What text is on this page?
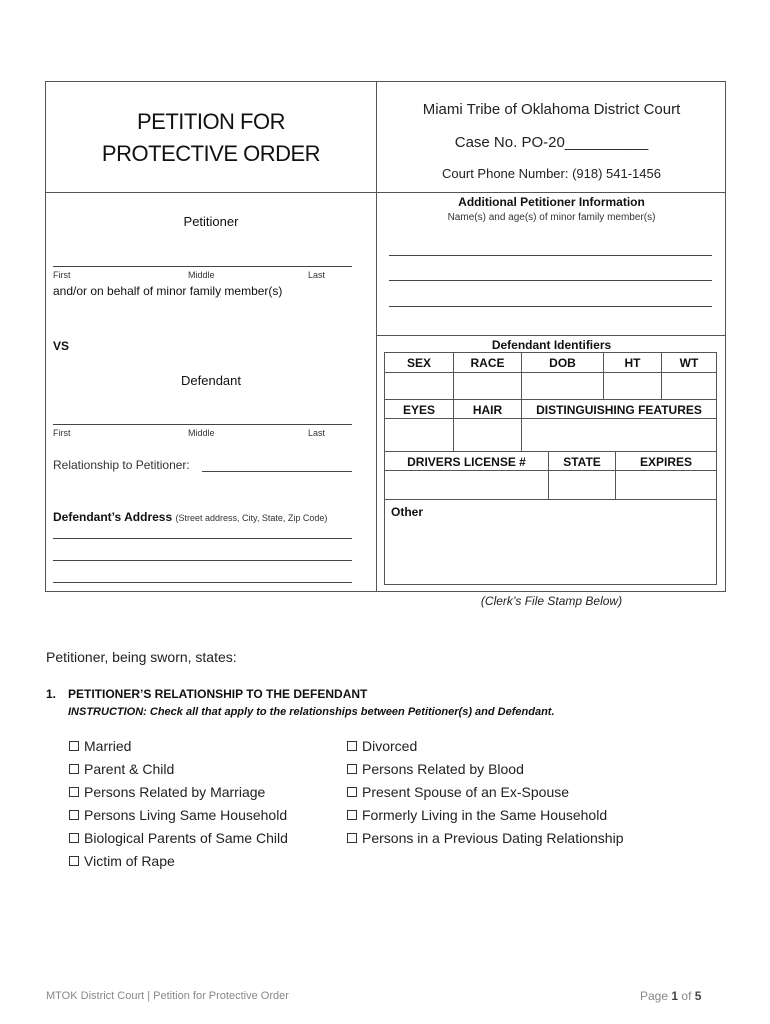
PETITION FOR
PROTECTIVE ORDER
Miami Tribe of Oklahoma District Court
Case No. PO-20__________
Court Phone Number: (918) 541-1456
Petitioner
First	Middle	Last
and/or on behalf of minor family member(s)
Additional Petitioner Information
Name(s) and age(s) of minor family member(s)
VS
Defendant
First	Middle	Last
Relationship to Petitioner:
Defendant’s Address (Street address, City, State, Zip Code)
Defendant Identifiers
SEX	RACE	DOB	HT	WT
EYES	HAIR	DISTINGUISHING FEATURES
DRIVERS LICENSE #	STATE	EXPIRES
Other
(Clerk’s File Stamp Below)
Petitioner, being sworn, states:
1. PETITIONER’S RELATIONSHIP TO THE DEFENDANT
INSTRUCTION: Check all that apply to the relationships between Petitioner(s) and Defendant.
Married
Parent & Child
Persons Related by Marriage
Persons Living Same Household
Biological Parents of Same Child
Victim of Rape
Divorced
Persons Related by Blood
Present Spouse of an Ex-Spouse
Formerly Living in the Same Household
Persons in a Previous Dating Relationship
MTOK District Court | Petition for Protective Order	Page 1 of 5
